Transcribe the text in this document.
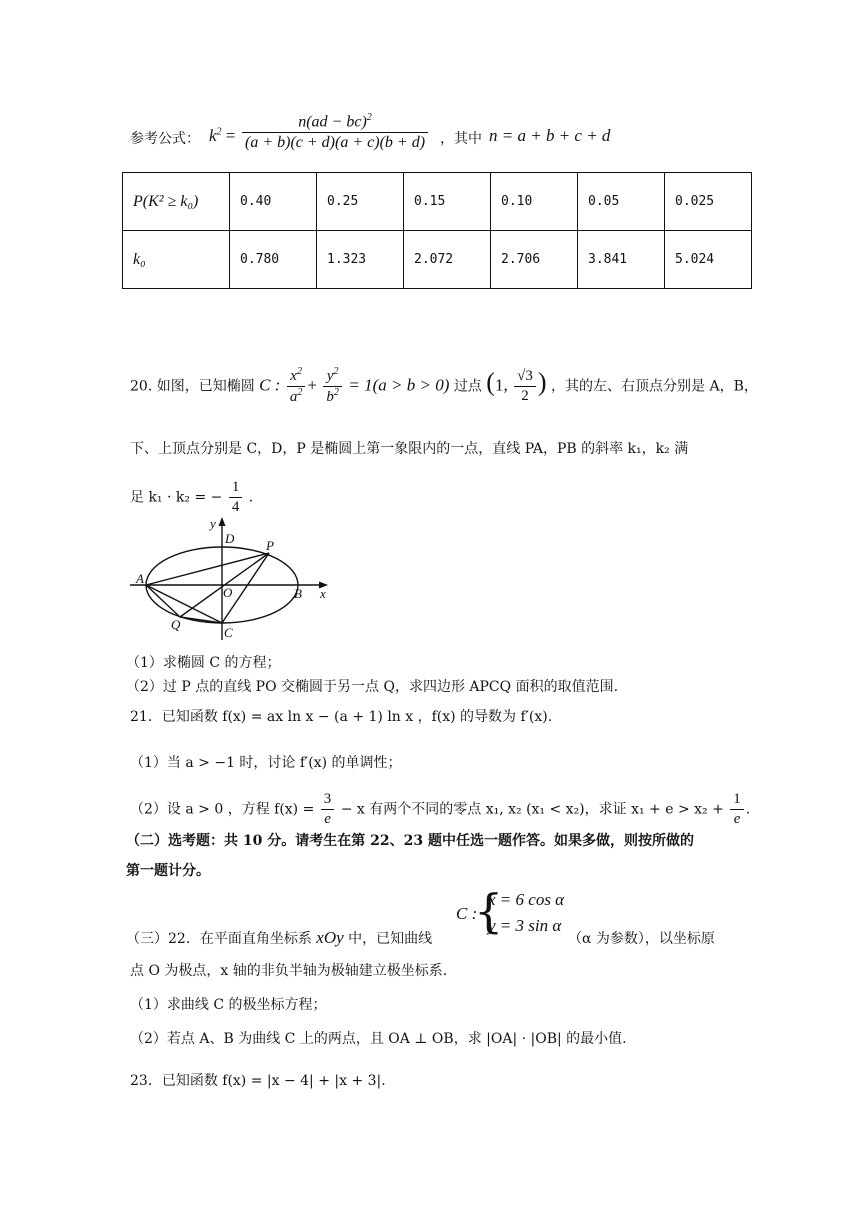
参考公式： $k^2 = \frac{n(ad - bc)^2}{(a + b)(c + d)(a + c)(b + d)}$ ，其中 n = a + b + c + d
P(K² ≥ k₀)	0.40	0.25	0.15	0.10	0.05	0.025
k₀	0.780	1.323	2.072	2.706	3.841	5.024
20. 如图，已知椭圆 C : $\frac{x^2}{a^2} + \frac{y^2}{b^2} = 1(a > b > 0)$ 过点 (1, $\frac{√3}{2}$ ) ，其的左、右顶点分别是 A，B，
下、上顶点分别是 C，D，P 是椭圆上第一象限内的一点，直线 PA，PB 的斜率 k₁，k₂ 满
足 k₁ · k₂ = − $\frac{1}{4}$ .
y
x
D P
A
O	B
Q
C
（1）求椭圆 C 的方程；
（2）过 P 点的直线 PO 交椭圆于另一点 Q，求四边形 APCQ 面积的取值范围.
21．已知函数 f(x) = ax ln x − (a + 1) ln x ，f(x) 的导数为 f′(x).
（1）当 a > −1 时，讨论 f′(x) 的单调性；
（2）设 a > 0 ，方程 $f(x) = \frac{3}{e} - x$ 有两个不同的零点 x₁, x₂ (x₁ < x₂)，求证 $x_1 + e > x_2 + \frac{1}{e}$ .
（二）选考题：共 10 分。请考生在第 22、23 题中任选一题作答。如果多做，则按所做的
第一题计分。
C :
{
x = 6 cos α
y = 3 sin α
（三）22．在平面直角坐标系 xOy 中，已知曲线	（α 为参数），以坐标原
点 O 为极点，x 轴的非负半轴为极轴建立极坐标系.
（1）求曲线 C 的极坐标方程；
（2）若点 A、B 为曲线 C 上的两点，且 OA ⊥ OB，求 |OA| · |OB| 的最小值.
23．已知函数 f(x) = |x − 4| + |x + 3|.
